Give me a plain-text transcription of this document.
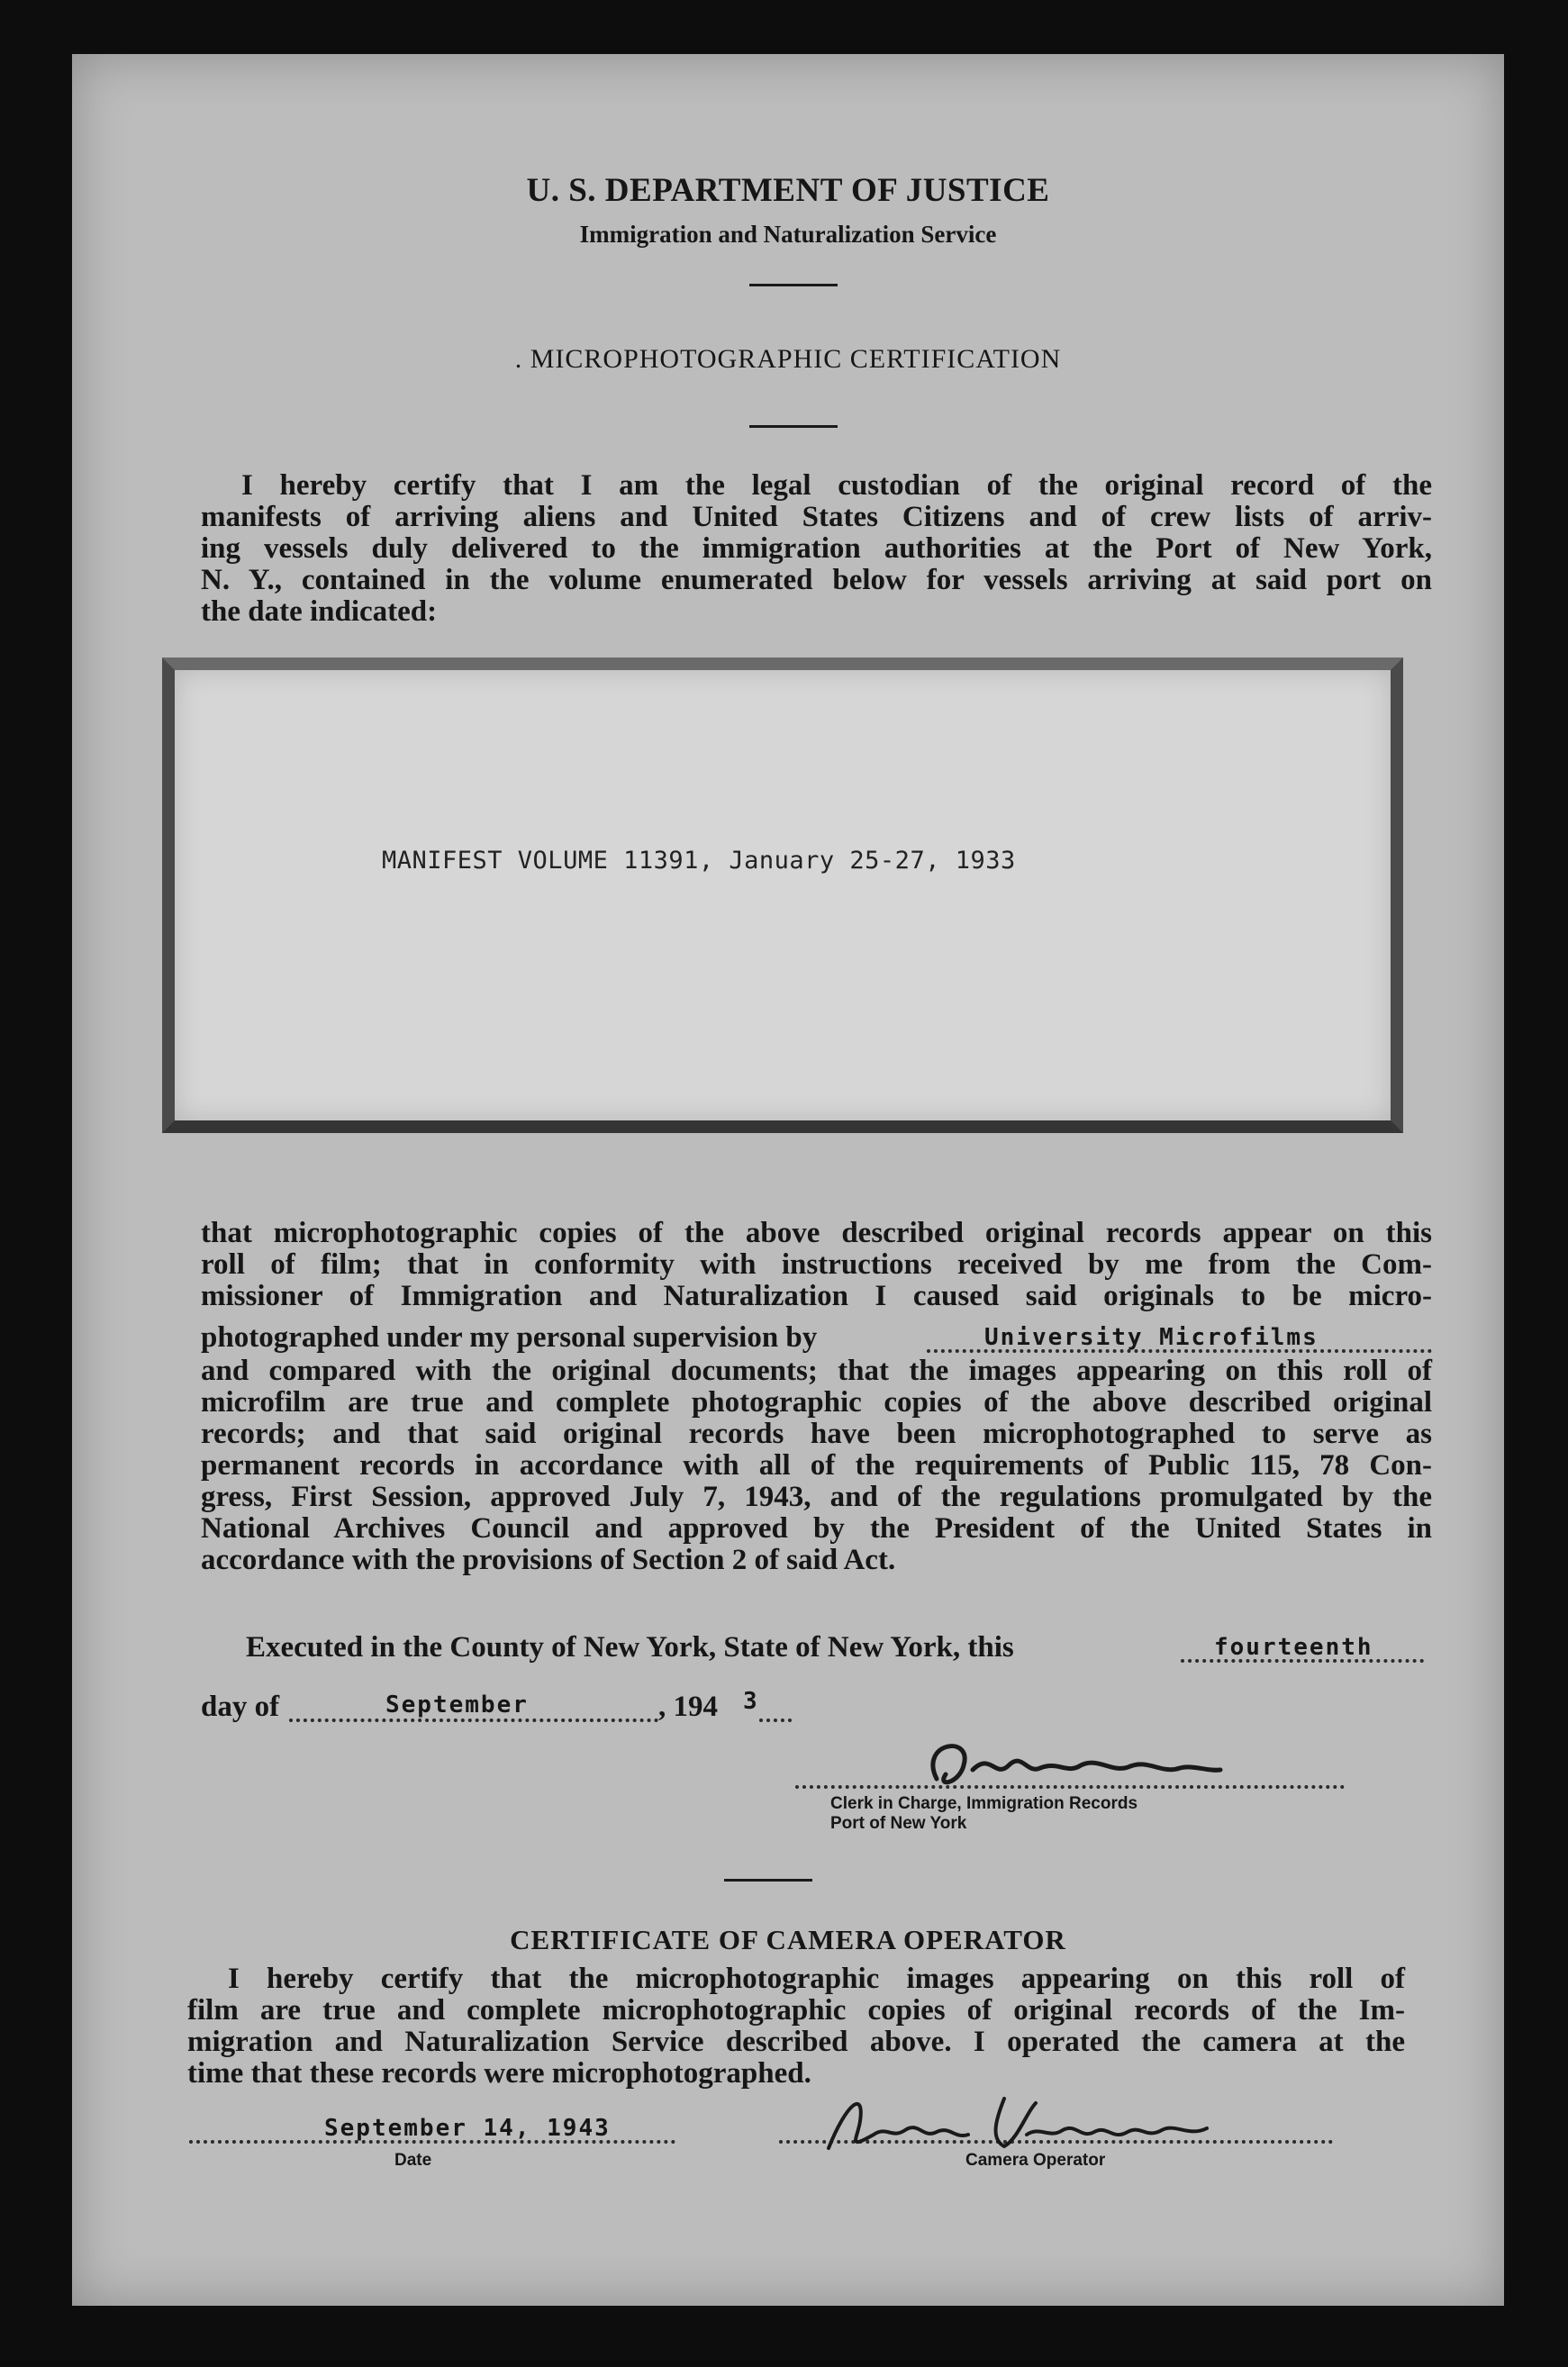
U. S. DEPARTMENT OF JUSTICE
Immigration and Naturalization Service
. MICROPHOTOGRAPHIC CERTIFICATION
I hereby certify that I am the legal custodian of the original record of the
manifests of arriving aliens and United States Citizens and of crew lists of arriv-
ing vessels duly delivered to the immigration authorities at the Port of New York,
N. Y., contained in the volume enumerated below for vessels arriving at said port on
the date indicated:
MANIFEST VOLUME 11391, January 25-27, 1933
that microphotographic copies of the above described original records appear on this
roll of film; that in conformity with instructions received by me from the Com-
missioner of Immigration and Naturalization I caused said originals to be micro-
photographed under my personal supervision by	University Microfilms
and compared with the original documents; that the images appearing on this roll of
microfilm are true and complete photographic copies of the above described original
records; and that said original records have been microphotographed to serve as
permanent records in accordance with all of the requirements of Public 115, 78 Con-
gress, First Session, approved July 7, 1943, and of the regulations promulgated by the
National Archives Council and approved by the President of the United States in
accordance with the provisions of Section 2 of said Act.
Executed in the County of New York, State of New York, this	fourteenth
day of	September	, 194 3
Clerk in Charge, Immigration Records
Port of New York
CERTIFICATE OF CAMERA OPERATOR
I hereby certify that the microphotographic images appearing on this roll of
film are true and complete microphotographic copies of original records of the Im-
migration and Naturalization Service described above. I operated the camera at the
time that these records were microphotographed.
September 14, 1943
Date	Camera Operator
